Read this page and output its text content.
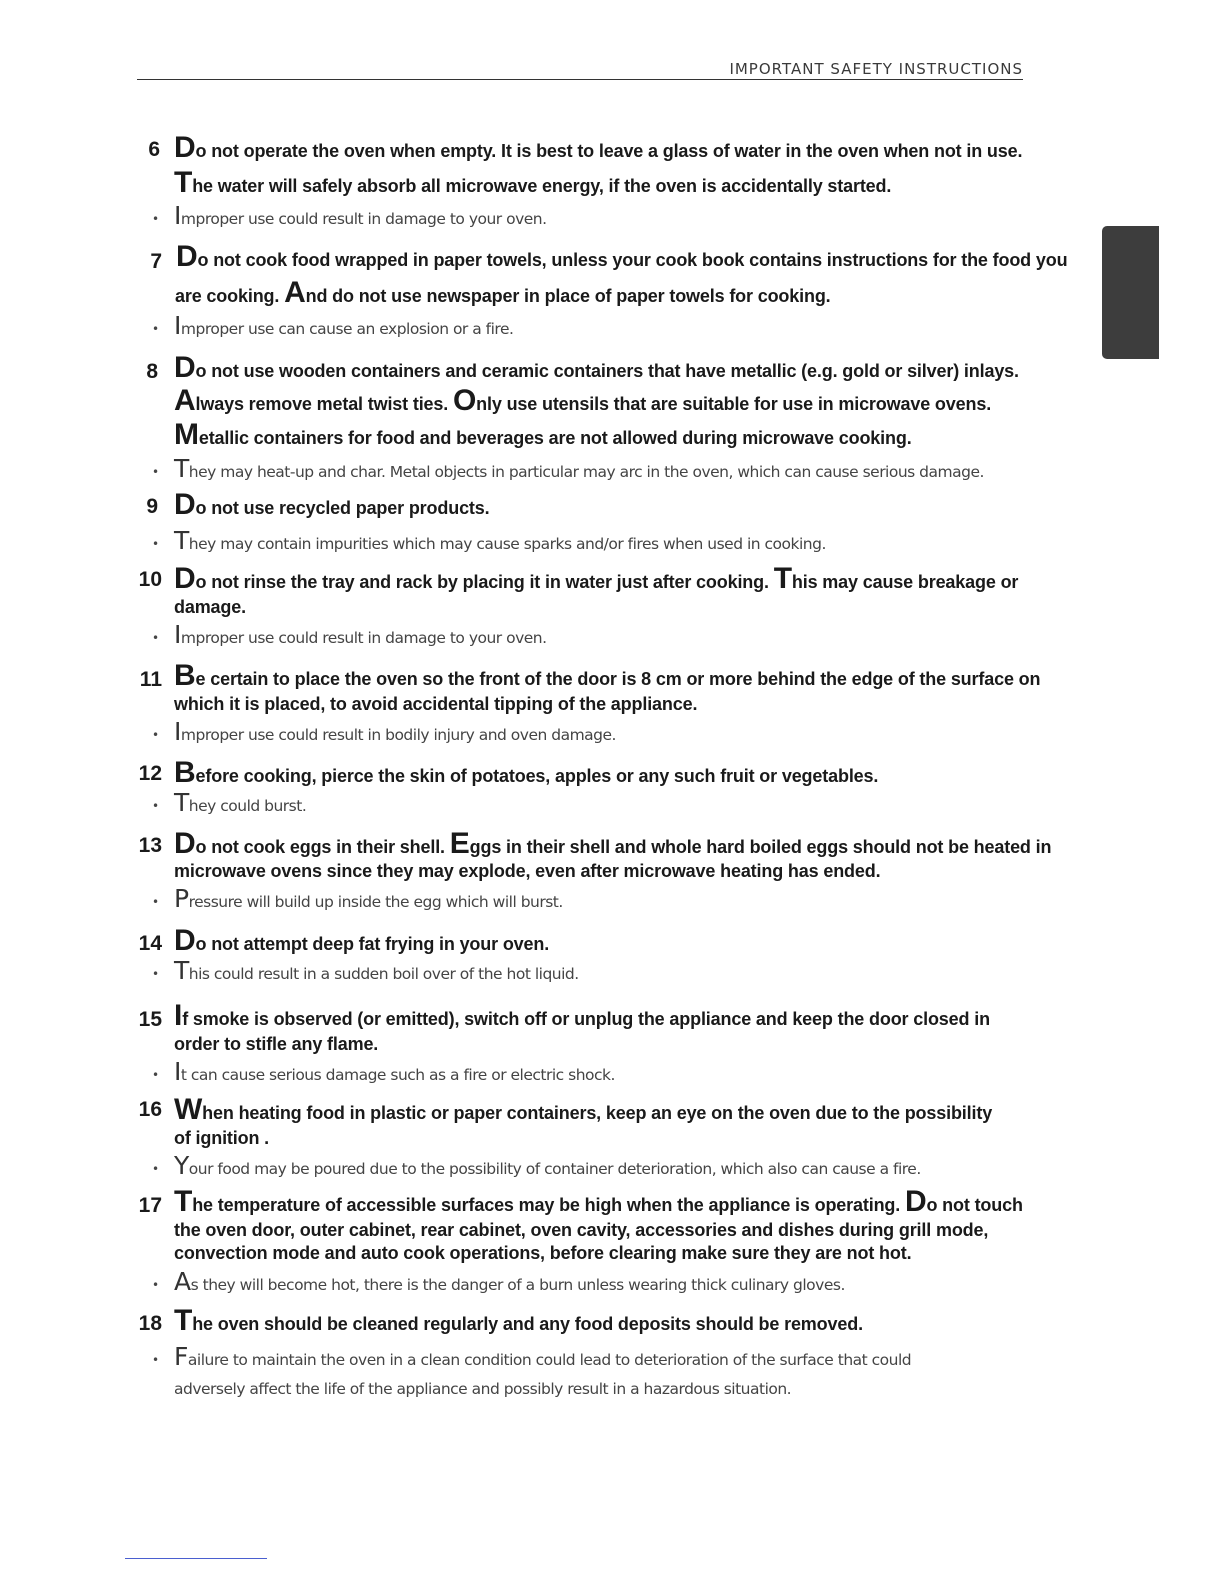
IMPORTANT SAFETY INSTRUCTIONS
6 Do not operate the oven when empty. It is best to leave a glass of water in the oven when not in use.
The water will safely absorb all microwave energy, if the oven is accidentally started.
• Improper use could result in damage to your oven.
7 Do not cook food wrapped in paper towels, unless your cook book contains instructions for the food you
are cooking. And do not use newspaper in place of paper towels for cooking.
• Improper use can cause an explosion or a fire.
8 Do not use wooden containers and ceramic containers that have metallic (e.g. gold or silver) inlays.
Always remove metal twist ties. Only use utensils that are suitable for use in microwave ovens.
Metallic containers for food and beverages are not allowed during microwave cooking.
• They may heat-up and char. Metal objects in particular may arc in the oven, which can cause serious damage.
9 Do not use recycled paper products.
• They may contain impurities which may cause sparks and/or fires when used in cooking.
10 Do not rinse the tray and rack by placing it in water just after cooking. This may cause breakage or
damage.
• Improper use could result in damage to your oven.
11 Be certain to place the oven so the front of the door is 8 cm or more behind the edge of the surface on
which it is placed, to avoid accidental tipping of the appliance.
• Improper use could result in bodily injury and oven damage.
12 Before cooking, pierce the skin of potatoes, apples or any such fruit or vegetables.
• They could burst.
13 Do not cook eggs in their shell. Eggs in their shell and whole hard boiled eggs should not be heated in
microwave ovens since they may explode, even after microwave heating has ended.
• Pressure will build up inside the egg which will burst.
14 Do not attempt deep fat frying in your oven.
• This could result in a sudden boil over of the hot liquid.
15 If smoke is observed (or emitted), switch off or unplug the appliance and keep the door closed in
order to stifle any flame.
• It can cause serious damage such as a fire or electric shock.
16 When heating food in plastic or paper containers, keep an eye on the oven due to the possibility
of ignition .
• Your food may be poured due to the possibility of container deterioration, which also can cause a fire.
17 The temperature of accessible surfaces may be high when the appliance is operating. Do not touch
the oven door, outer cabinet, rear cabinet, oven cavity, accessories and dishes during grill mode,
convection mode and auto cook operations, before clearing make sure they are not hot.
• As they will become hot, there is the danger of a burn unless wearing thick culinary gloves.
18 The oven should be cleaned regularly and any food deposits should be removed.
• Failure to maintain the oven in a clean condition could lead to deterioration of the surface that could
adversely affect the life of the appliance and possibly result in a hazardous situation.
